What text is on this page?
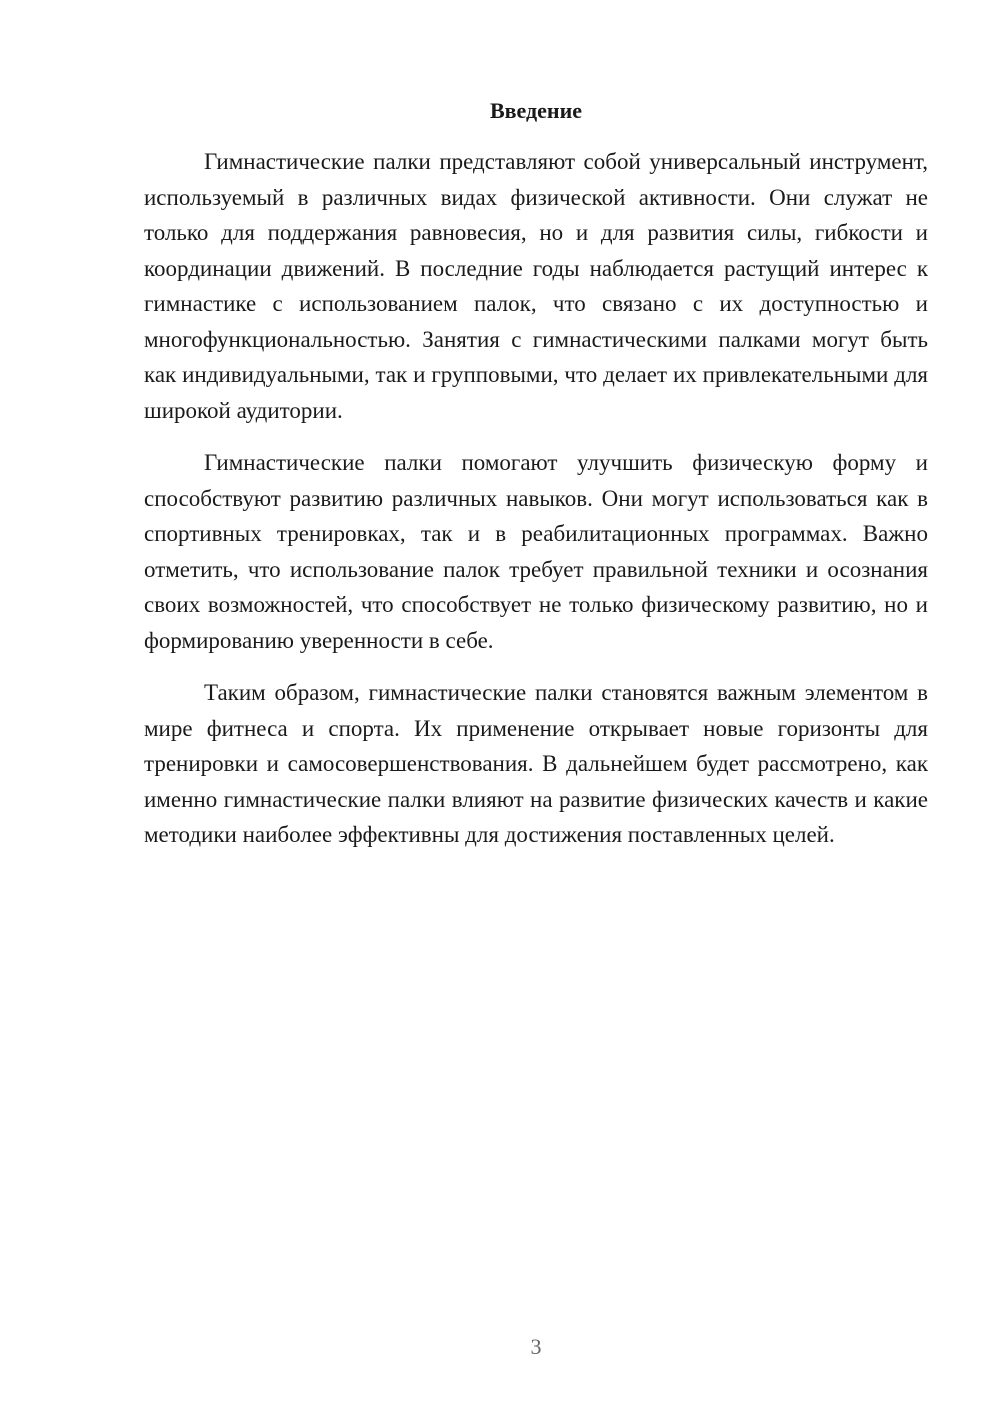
Введение

Гимнастические палки представляют собой универсальный инструмент, используемый в различных видах физической активности. Они служат не только для поддержания равновесия, но и для развития силы, гибкости и координации движений. В последние годы наблюдается растущий интерес к гимнастике с использованием палок, что связано с их доступностью и многофункциональностью. Занятия с гимнастическими палками могут быть как индивидуальными, так и групповыми, что делает их привлекательными для широкой аудитории.

Гимнастические палки помогают улучшить физическую форму и способствуют развитию различных навыков. Они могут использоваться как в спортивных тренировках, так и в реабилитационных программах. Важно отметить, что использование палок требует правильной техники и осознания своих возможностей, что способствует не только физическому развитию, но и формированию уверенности в себе.

Таким образом, гимнастические палки становятся важным элементом в мире фитнеса и спорта. Их применение открывает новые горизонты для тренировки и самосовершенствования. В дальнейшем будет рассмотрено, как именно гимнастические палки влияют на развитие физических качеств и какие методики наиболее эффективны для достижения поставленных целей.

3
